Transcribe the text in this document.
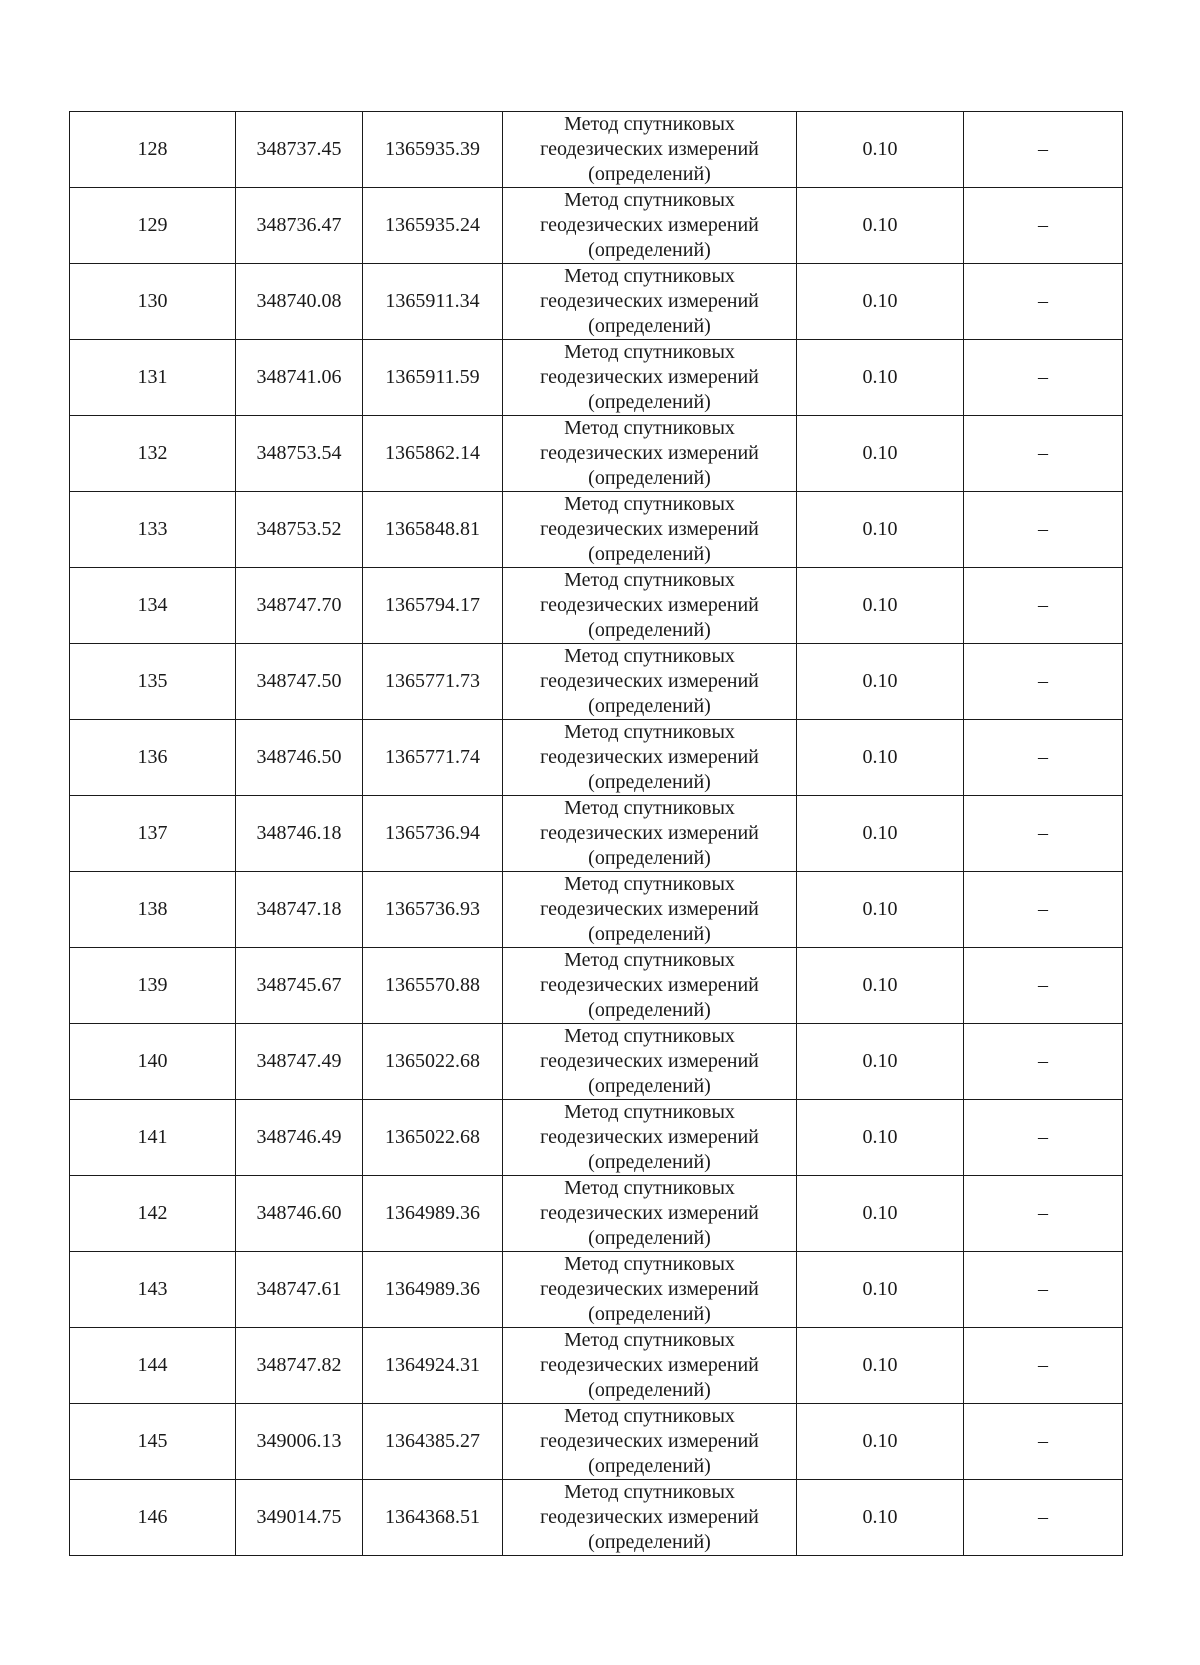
128	348737.45	1365935.39	Метод спутниковых
геодезических измерений
(определений)	0.10	–
129	348736.47	1365935.24	Метод спутниковых
геодезических измерений
(определений)	0.10	–
130	348740.08	1365911.34	Метод спутниковых
геодезических измерений
(определений)	0.10	–
131	348741.06	1365911.59	Метод спутниковых
геодезических измерений
(определений)	0.10	–
132	348753.54	1365862.14	Метод спутниковых
геодезических измерений
(определений)	0.10	–
133	348753.52	1365848.81	Метод спутниковых
геодезических измерений
(определений)	0.10	–
134	348747.70	1365794.17	Метод спутниковых
геодезических измерений
(определений)	0.10	–
135	348747.50	1365771.73	Метод спутниковых
геодезических измерений
(определений)	0.10	–
136	348746.50	1365771.74	Метод спутниковых
геодезических измерений
(определений)	0.10	–
137	348746.18	1365736.94	Метод спутниковых
геодезических измерений
(определений)	0.10	–
138	348747.18	1365736.93	Метод спутниковых
геодезических измерений
(определений)	0.10	–
139	348745.67	1365570.88	Метод спутниковых
геодезических измерений
(определений)	0.10	–
140	348747.49	1365022.68	Метод спутниковых
геодезических измерений
(определений)	0.10	–
141	348746.49	1365022.68	Метод спутниковых
геодезических измерений
(определений)	0.10	–
142	348746.60	1364989.36	Метод спутниковых
геодезических измерений
(определений)	0.10	–
143	348747.61	1364989.36	Метод спутниковых
геодезических измерений
(определений)	0.10	–
144	348747.82	1364924.31	Метод спутниковых
геодезических измерений
(определений)	0.10	–
145	349006.13	1364385.27	Метод спутниковых
геодезических измерений
(определений)	0.10	–
146	349014.75	1364368.51	Метод спутниковых
геодезических измерений
(определений)	0.10	–
